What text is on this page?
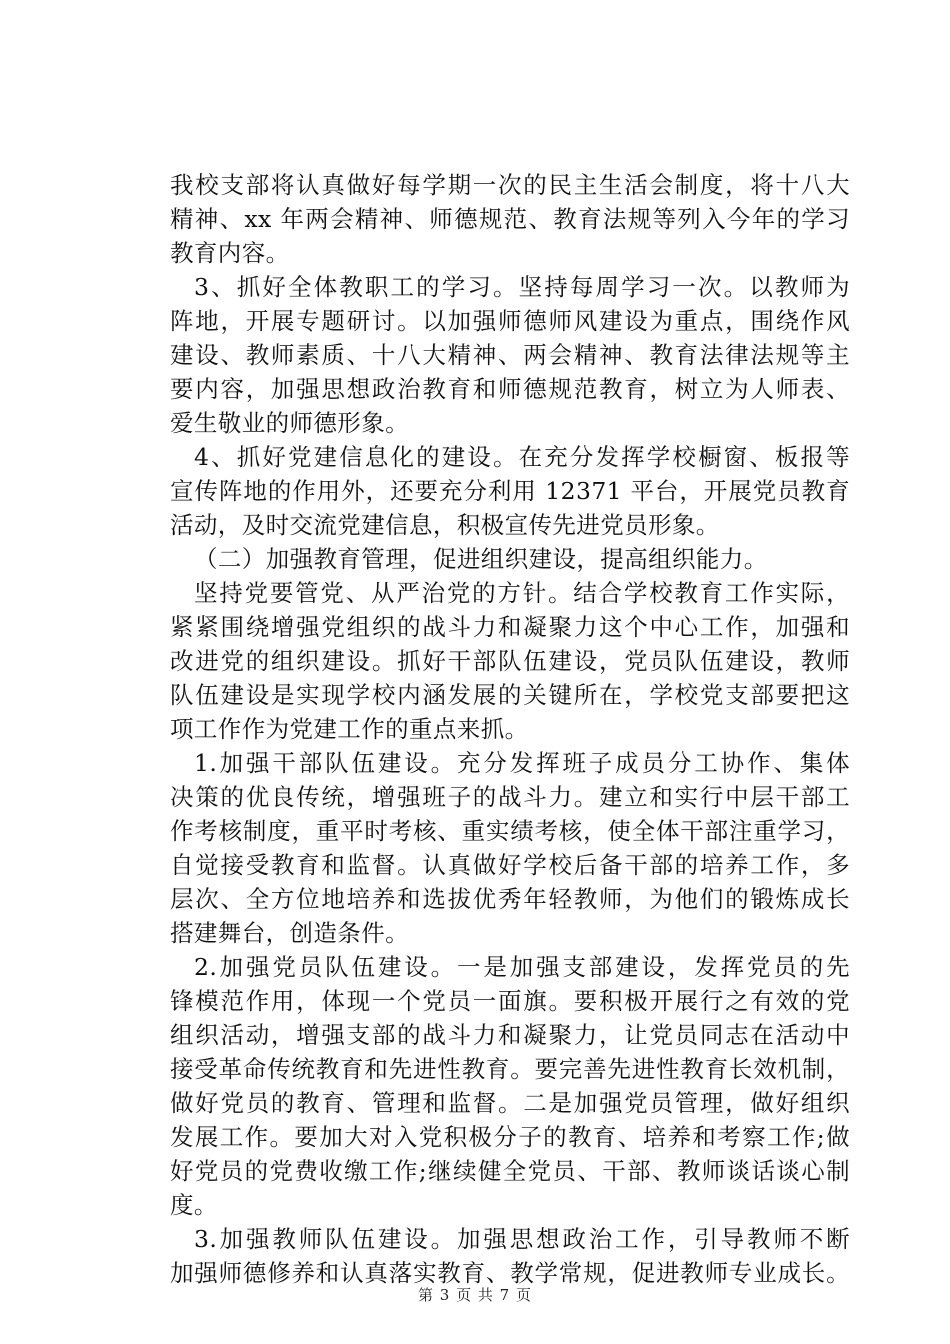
我校支部将认真做好每学期一次的民主生活会制度，将十八大
精神、xx 年两会精神、师德规范、教育法规等列入今年的学习
教育内容。
3、抓好全体教职工的学习。坚持每周学习一次。以教师为
阵地，开展专题研讨。以加强师德师风建设为重点，围绕作风
建设、教师素质、十八大精神、两会精神、教育法律法规等主
要内容，加强思想政治教育和师德规范教育，树立为人师表、
爱生敬业的师德形象。
4、抓好党建信息化的建设。在充分发挥学校橱窗、板报等
宣传阵地的作用外，还要充分利用 12371 平台，开展党员教育
活动，及时交流党建信息，积极宣传先进党员形象。
（二）加强教育管理，促进组织建设，提高组织能力。
坚持党要管党、从严治党的方针。结合学校教育工作实际，
紧紧围绕增强党组织的战斗力和凝聚力这个中心工作，加强和
改进党的组织建设。抓好干部队伍建设，党员队伍建设，教师
队伍建设是实现学校内涵发展的关键所在，学校党支部要把这
项工作作为党建工作的重点来抓。
1.加强干部队伍建设。充分发挥班子成员分工协作、集体
决策的优良传统，增强班子的战斗力。建立和实行中层干部工
作考核制度，重平时考核、重实绩考核，使全体干部注重学习，
自觉接受教育和监督。认真做好学校后备干部的培养工作，多
层次、全方位地培养和选拔优秀年轻教师，为他们的锻炼成长
搭建舞台，创造条件。
2.加强党员队伍建设。一是加强支部建设，发挥党员的先
锋模范作用，体现一个党员一面旗。要积极开展行之有效的党
组织活动，增强支部的战斗力和凝聚力，让党员同志在活动中
接受革命传统教育和先进性教育。要完善先进性教育长效机制，
做好党员的教育、管理和监督。二是加强党员管理，做好组织
发展工作。要加大对入党积极分子的教育、培养和考察工作;做
好党员的党费收缴工作;继续健全党员、干部、教师谈话谈心制
度。
3.加强教师队伍建设。加强思想政治工作，引导教师不断
加强师德修养和认真落实教育、教学常规，促进教师专业成长。
第 3 页 共 7 页
